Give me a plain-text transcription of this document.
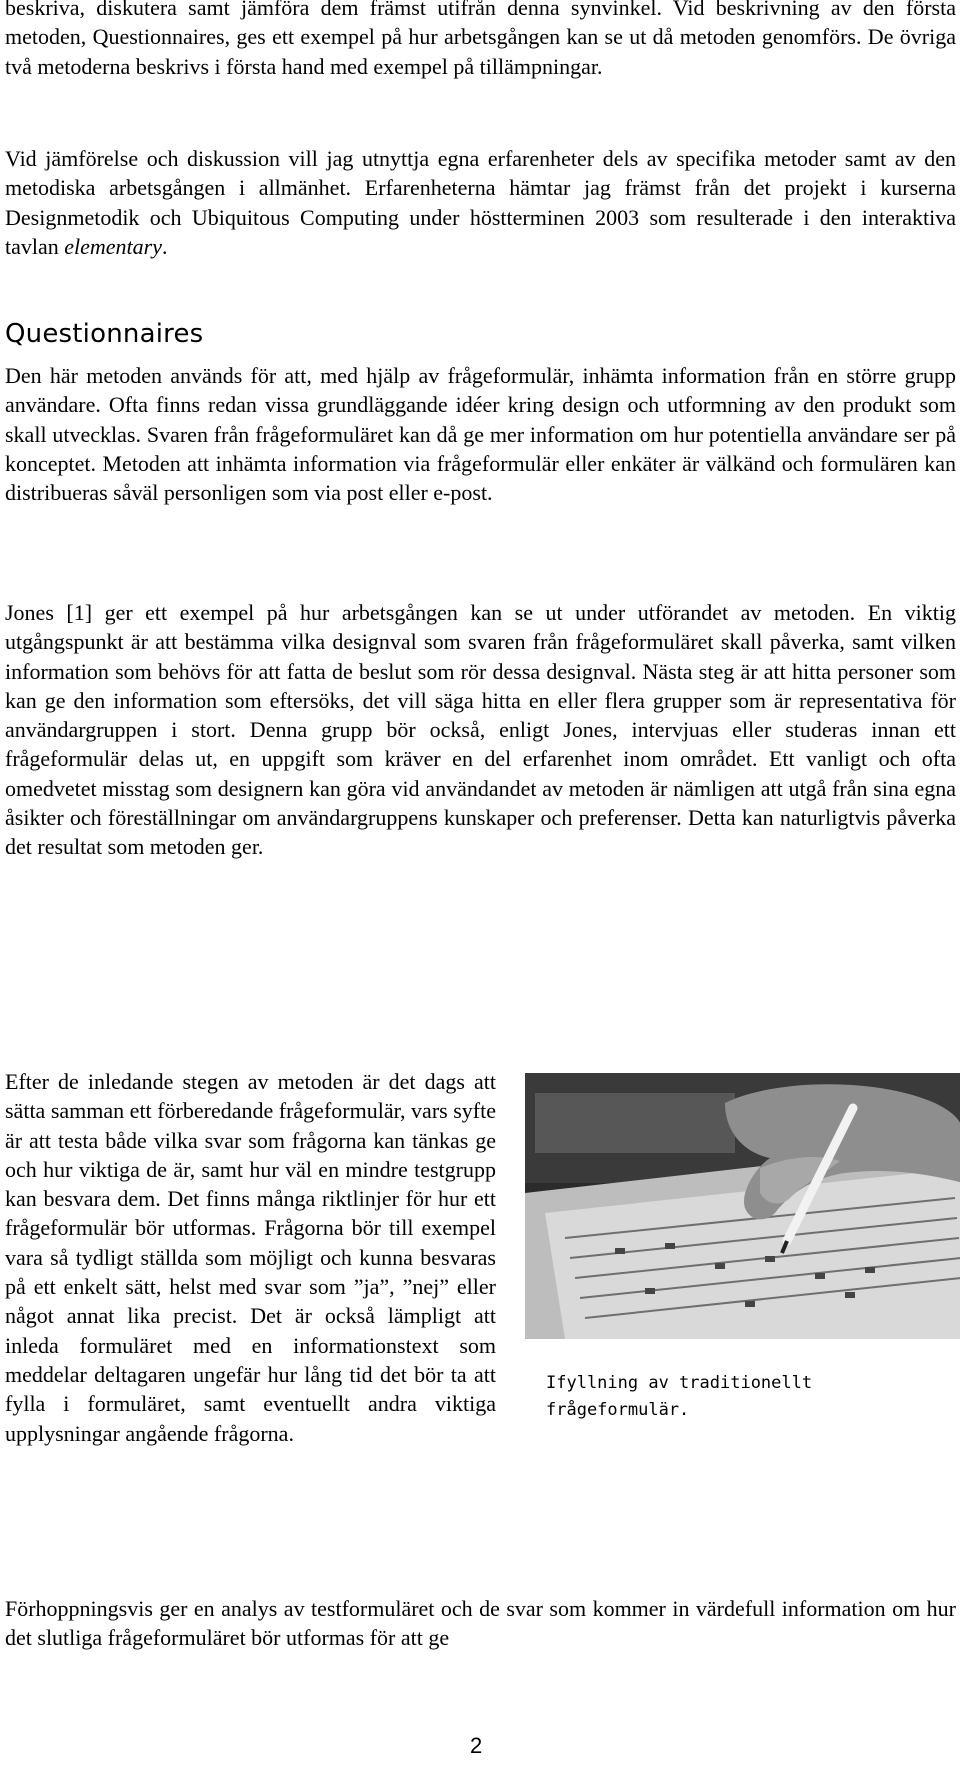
beskriva, diskutera samt jämföra dem främst utifrån denna synvinkel. Vid beskrivning av den första metoden, Questionnaires, ges ett exempel på hur arbetsgången kan se ut då metoden genomförs. De övriga två metoderna beskrivs i första hand med exempel på tillämpningar.

Vid jämförelse och diskussion vill jag utnyttja egna erfarenheter dels av specifika metoder samt av den metodiska arbetsgången i allmänhet. Erfarenheterna hämtar jag främst från det projekt i kurserna Designmetodik och Ubiquitous Computing under höstterminen 2003 som resulterade i den interaktiva tavlan elementary.

Questionnaires

Den här metoden används för att, med hjälp av frågeformulär, inhämta information från en större grupp användare. Ofta finns redan vissa grundläggande idéer kring design och utformning av den produkt som skall utvecklas. Svaren från frågeformuläret kan då ge mer information om hur potentiella användare ser på konceptet. Metoden att inhämta information via frågeformulär eller enkäter är välkänd och formulären kan distribueras såväl personligen som via post eller e-post.

Jones [1] ger ett exempel på hur arbetsgången kan se ut under utförandet av metoden. En viktig utgångspunkt är att bestämma vilka designval som svaren från frågeformuläret skall påverka, samt vilken information som behövs för att fatta de beslut som rör dessa designval. Nästa steg är att hitta personer som kan ge den information som eftersöks, det vill säga hitta en eller flera grupper som är representativa för användargruppen i stort. Denna grupp bör också, enligt Jones, intervjuas eller studeras innan ett frågeformulär delas ut, en uppgift som kräver en del erfarenhet inom området. Ett vanligt och ofta omedvetet misstag som designern kan göra vid användandet av metoden är nämligen att utgå från sina egna åsikter och föreställningar om användargruppens kunskaper och preferenser. Detta kan naturligtvis påverka det resultat som metoden ger.

Efter de inledande stegen av metoden är det dags att sätta samman ett förberedande frågeformulär, vars syfte är att testa både vilka svar som frågorna kan tänkas ge och hur viktiga de är, samt hur väl en mindre testgrupp kan besvara dem. Det finns många riktlinjer för hur ett frågeformulär bör utformas. Frågorna bör till exempel vara så tydligt ställda som möjligt och kunna besvaras på ett enkelt sätt, helst med svar som ”ja”, ”nej” eller något annat lika precist. Det är också lämpligt att inleda formuläret med en informationstext som meddelar deltagaren ungefär hur lång tid det bör ta att fylla i formuläret, samt eventuellt andra viktiga upplysningar angående frågorna.

Ifyllning av traditionellt

frågeformulär.

Förhoppningsvis ger en analys av testformuläret och de svar som kommer in värdefull information om hur det slutliga frågeformuläret bör utformas för att ge

2
